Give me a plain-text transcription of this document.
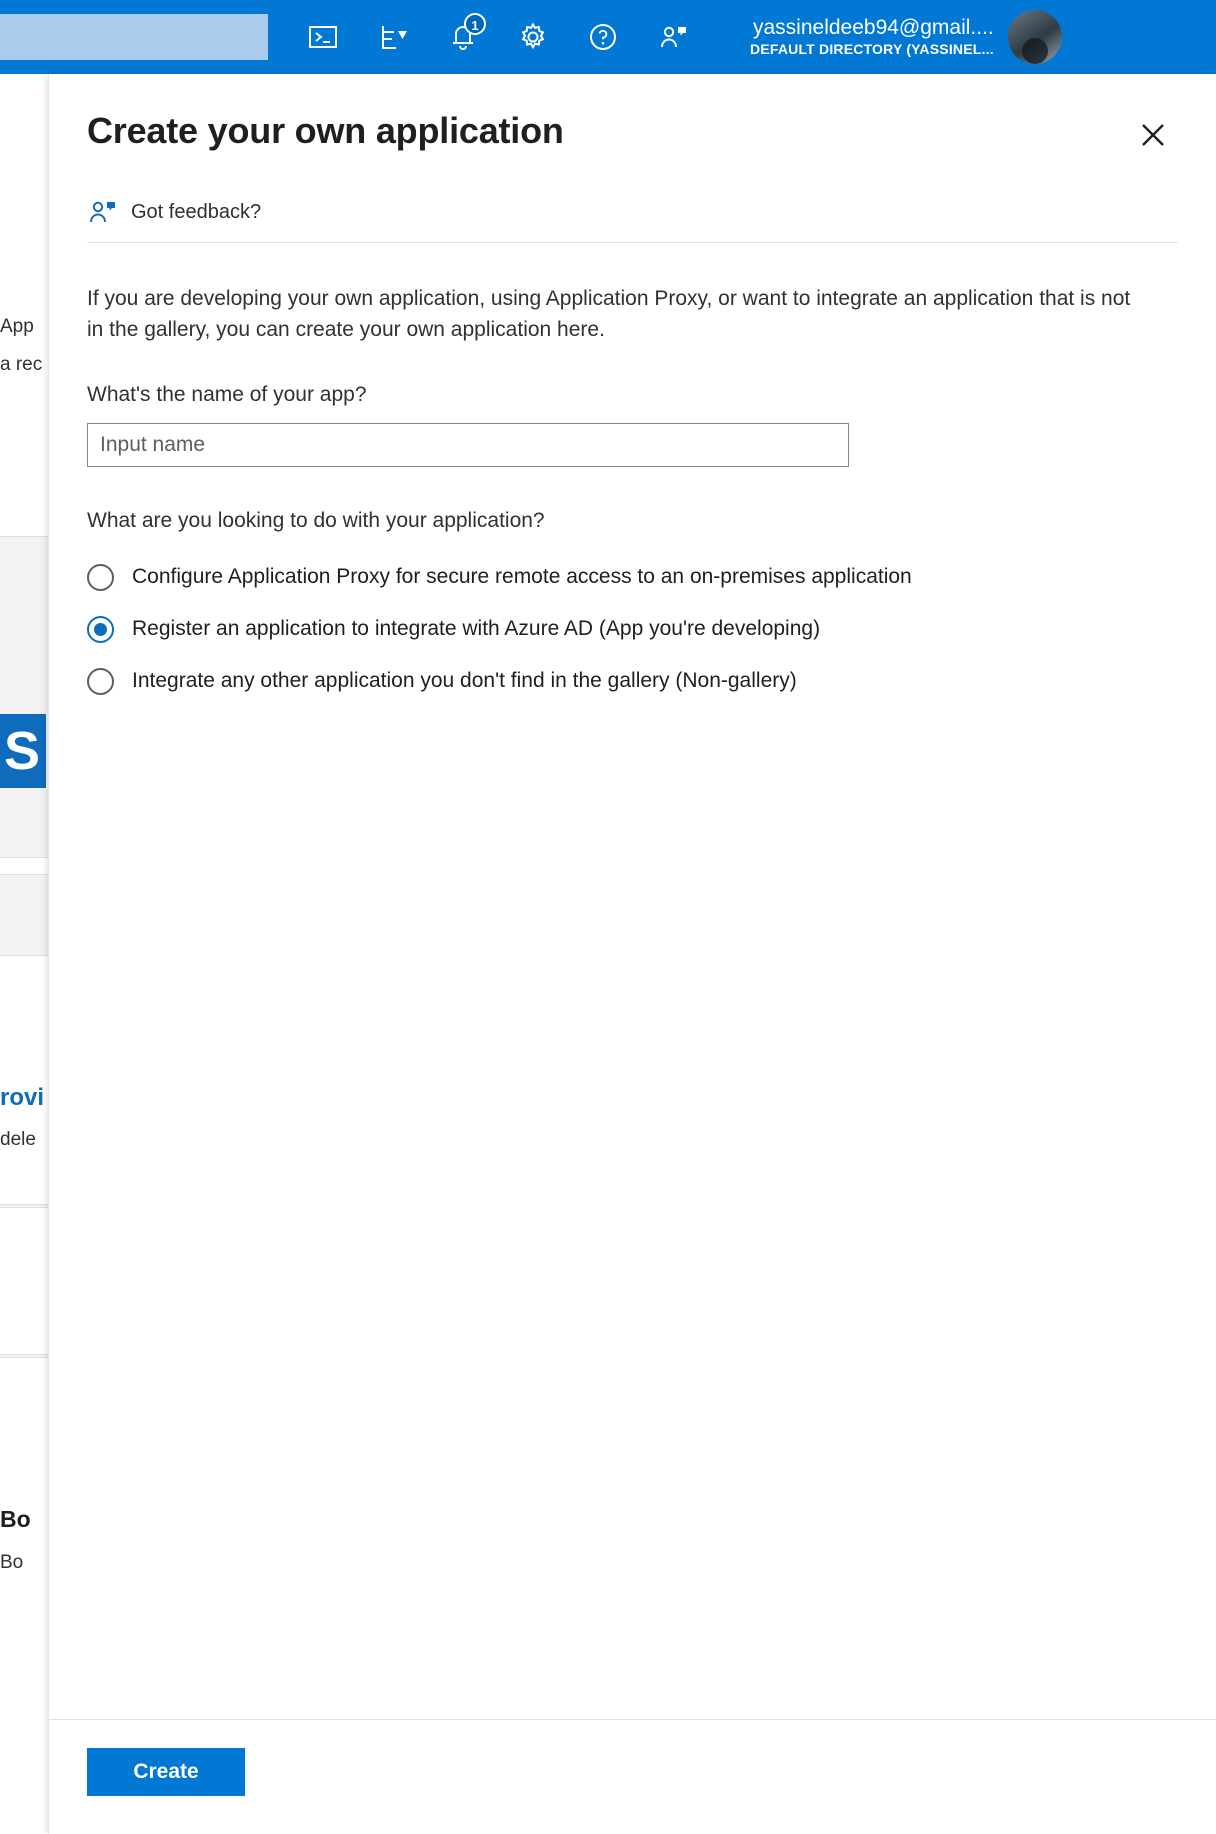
1	yassineldeeb94@gmail....
DEFAULT DIRECTORY (YASSINEL...
App
a rec
S
rovi
dele
Bo
Bo
Create your own application
Got feedback?
If you are developing your own application, using Application Proxy, or want to integrate an application that is not in the gallery, you can create your own application here.
What's the name of your app?
Input name
What are you looking to do with your application?
Configure Application Proxy for secure remote access to an on-premises application
Register an application to integrate with Azure AD (App you're developing)
Integrate any other application you don't find in the gallery (Non-gallery)
Create
